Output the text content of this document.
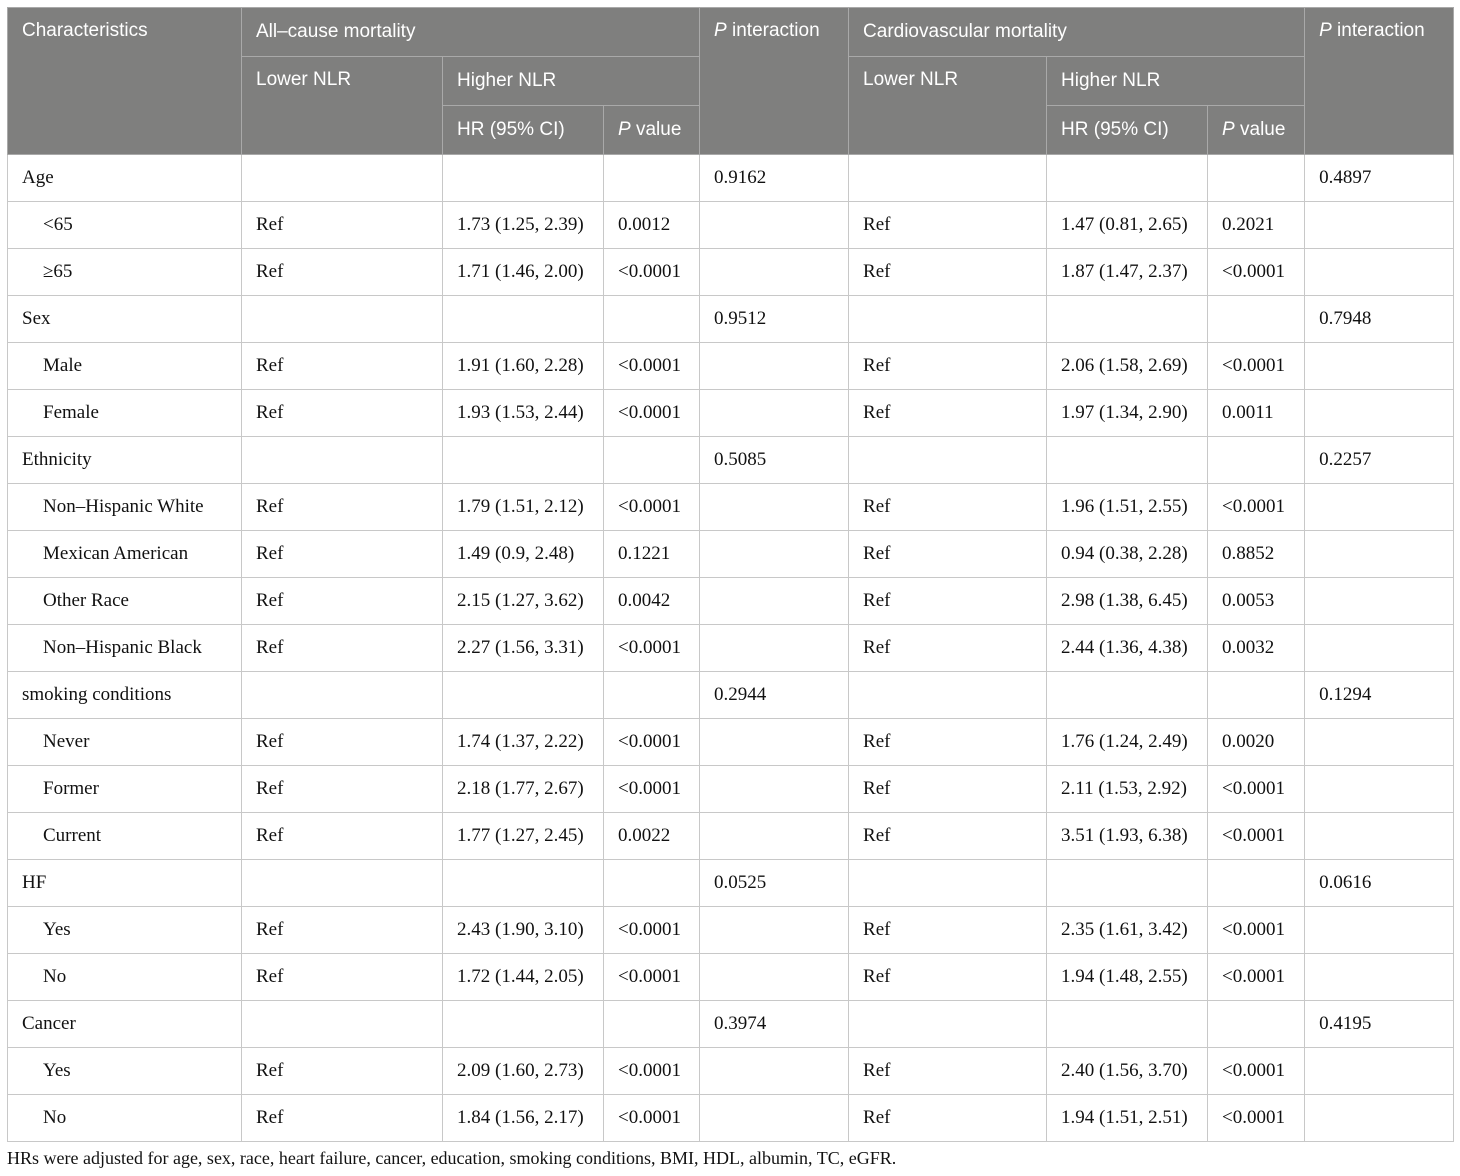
Characteristics	All–cause mortality			P interaction	Cardiovascular mortality			P interaction
	Lower NLR	Higher NLR			Lower NLR	Higher NLR		
		HR (95% CI)	P value			HR (95% CI)	P value	
Age				0.9162				0.4897
<65	Ref	1.73 (1.25, 2.39)	0.0012		Ref	1.47 (0.81, 2.65)	0.2021	
≥65	Ref	1.71 (1.46, 2.00)	<0.0001		Ref	1.87 (1.47, 2.37)	<0.0001	
Sex				0.9512				0.7948
Male	Ref	1.91 (1.60, 2.28)	<0.0001		Ref	2.06 (1.58, 2.69)	<0.0001	
Female	Ref	1.93 (1.53, 2.44)	<0.0001		Ref	1.97 (1.34, 2.90)	0.0011	
Ethnicity				0.5085				0.2257
Non–Hispanic White	Ref	1.79 (1.51, 2.12)	<0.0001		Ref	1.96 (1.51, 2.55)	<0.0001	
Mexican American	Ref	1.49 (0.9, 2.48)	0.1221		Ref	0.94 (0.38, 2.28)	0.8852	
Other Race	Ref	2.15 (1.27, 3.62)	0.0042		Ref	2.98 (1.38, 6.45)	0.0053	
Non–Hispanic Black	Ref	2.27 (1.56, 3.31)	<0.0001		Ref	2.44 (1.36, 4.38)	0.0032	
smoking conditions				0.2944				0.1294
Never	Ref	1.74 (1.37, 2.22)	<0.0001		Ref	1.76 (1.24, 2.49)	0.0020	
Former	Ref	2.18 (1.77, 2.67)	<0.0001		Ref	2.11 (1.53, 2.92)	<0.0001	
Current	Ref	1.77 (1.27, 2.45)	0.0022		Ref	3.51 (1.93, 6.38)	<0.0001	
HF				0.0525				0.0616
Yes	Ref	2.43 (1.90, 3.10)	<0.0001		Ref	2.35 (1.61, 3.42)	<0.0001	
No	Ref	1.72 (1.44, 2.05)	<0.0001		Ref	1.94 (1.48, 2.55)	<0.0001	
Cancer				0.3974				0.4195
Yes	Ref	2.09 (1.60, 2.73)	<0.0001		Ref	2.40 (1.56, 3.70)	<0.0001	
No	Ref	1.84 (1.56, 2.17)	<0.0001		Ref	1.94 (1.51, 2.51)	<0.0001	
HRs were adjusted for age, sex, race, heart failure, cancer, education, smoking conditions, BMI, HDL, albumin, TC, eGFR.
